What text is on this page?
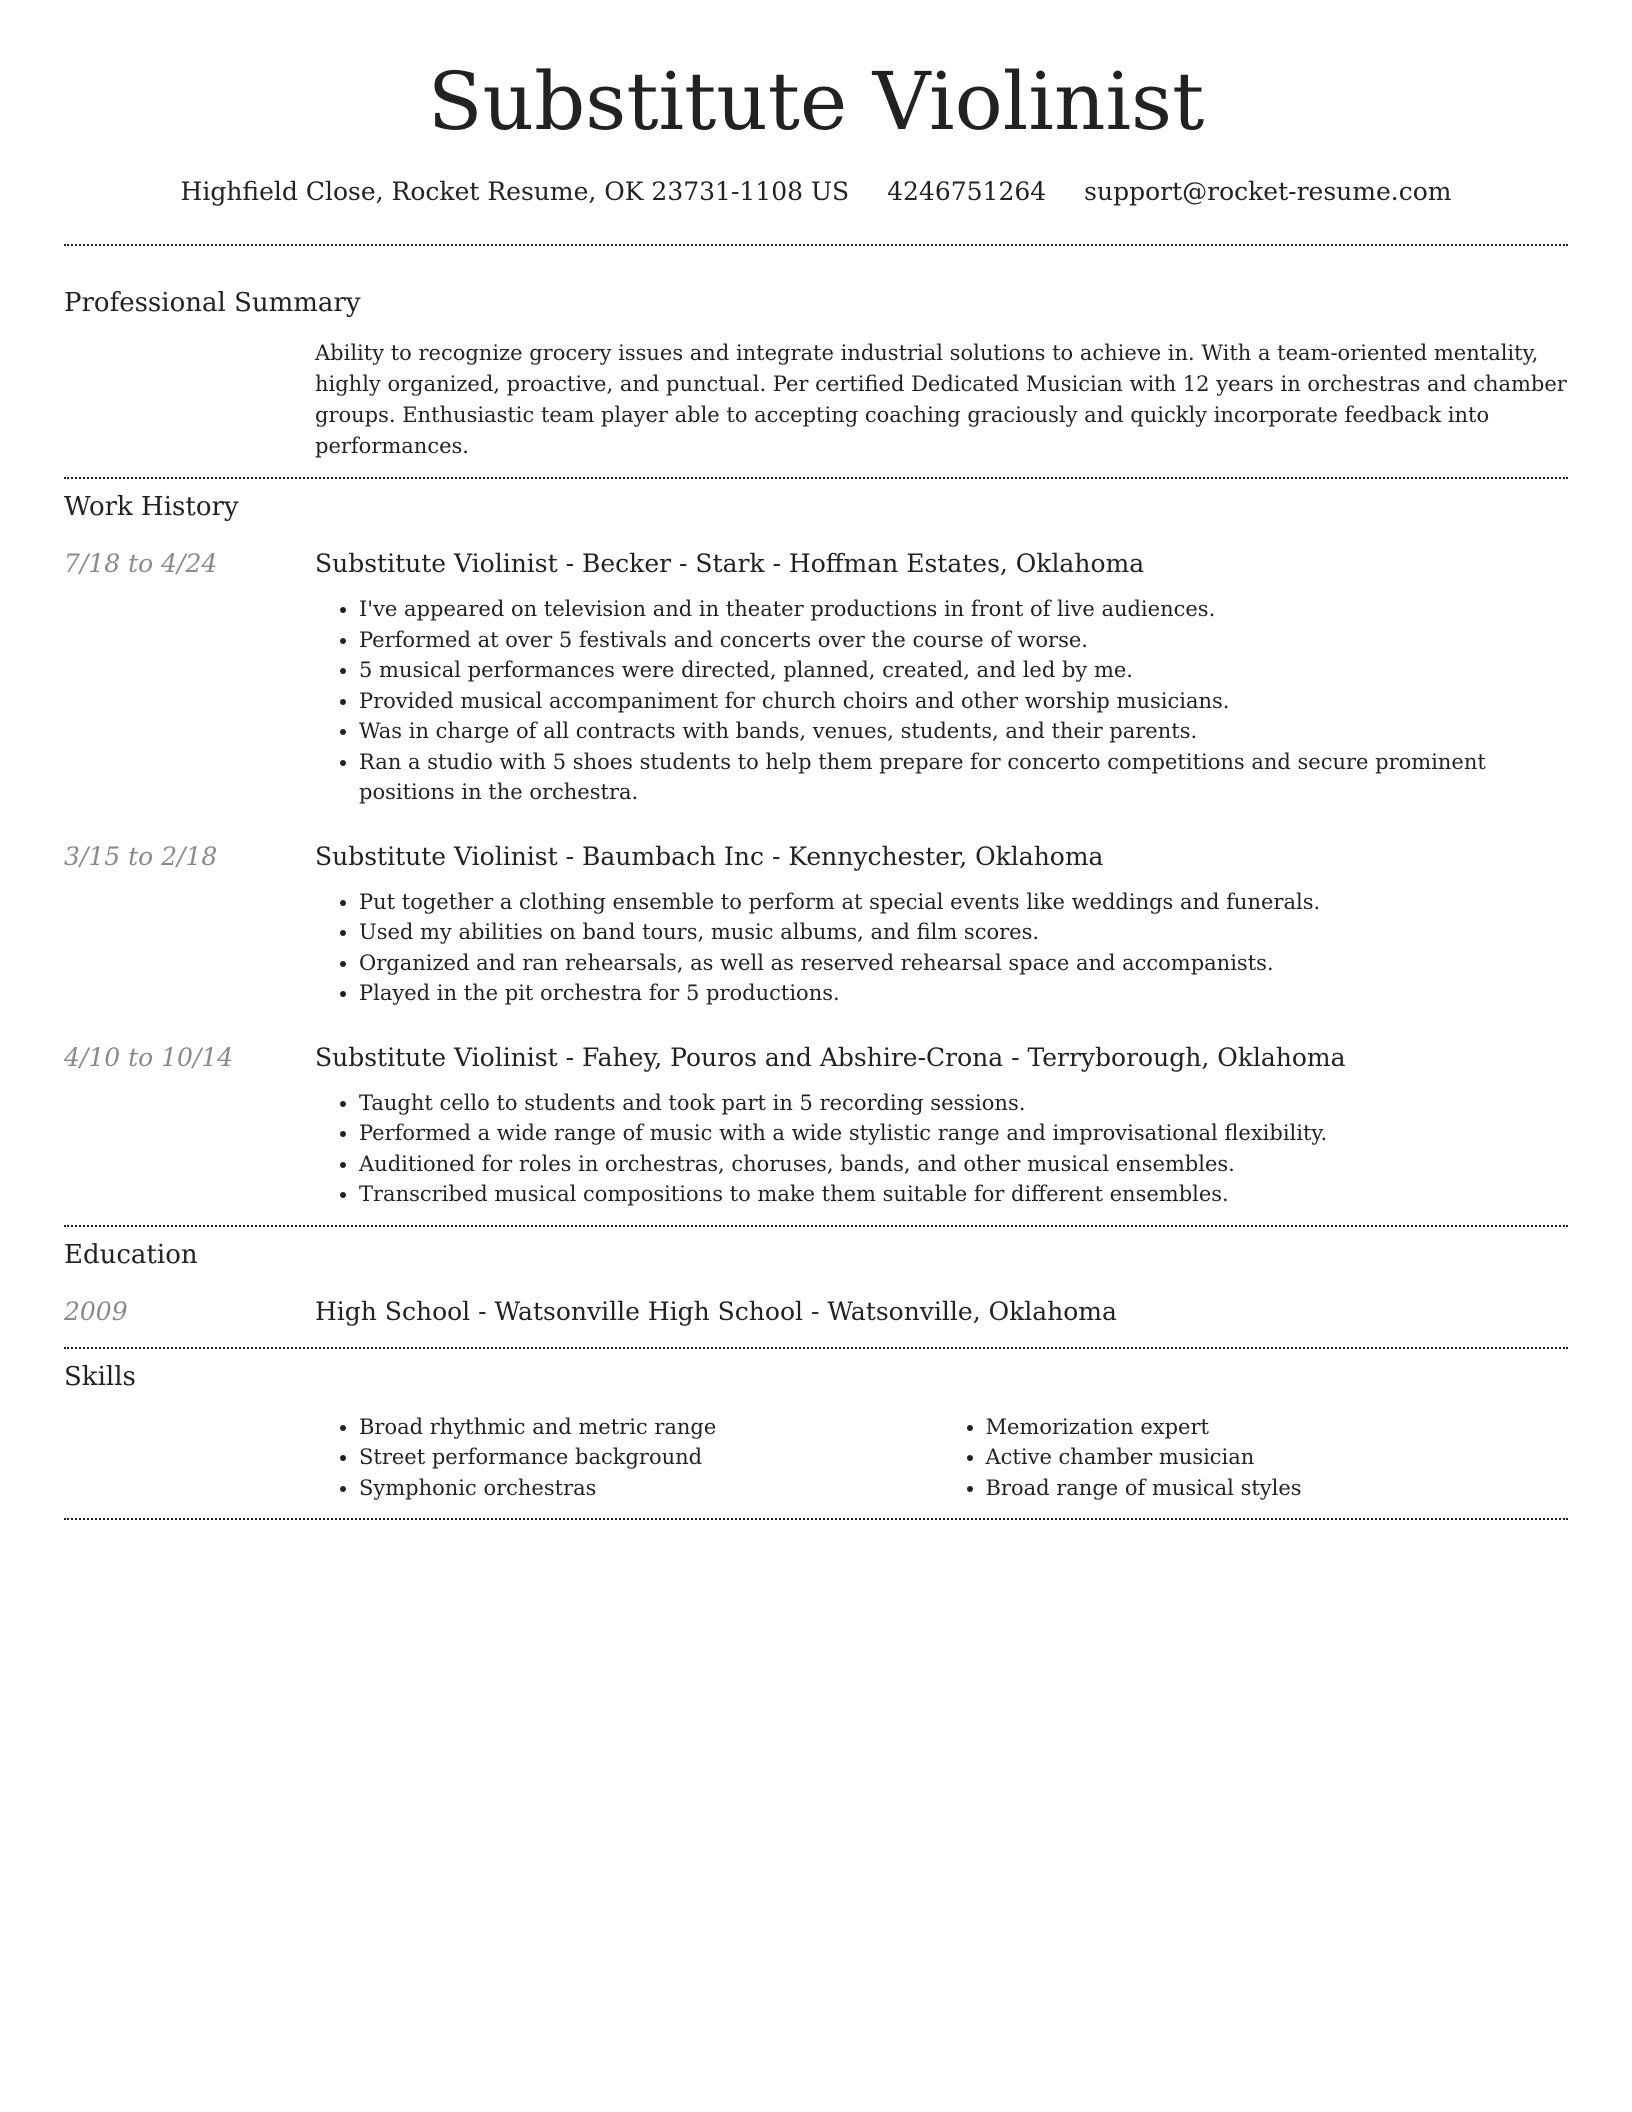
Substitute Violinist
Highfield Close, Rocket Resume, OK 23731-1108 US 4246751264 support@rocket-resume.com
Professional Summary

Ability to recognize grocery issues and integrate industrial solutions to achieve in. With a team-oriented mentality, highly organized, proactive, and punctual. Per certified Dedicated Musician with 12 years in orchestras and chamber groups. Enthusiastic team player able to accepting coaching graciously and quickly incorporate feedback into performances.

Work History
7/18 to 4/24	Substitute Violinist - Becker - Stark - Hoffman Estates, Oklahoma
• I've appeared on television and in theater productions in front of live audiences.
• Performed at over 5 festivals and concerts over the course of worse.
• 5 musical performances were directed, planned, created, and led by me.
• Provided musical accompaniment for church choirs and other worship musicians.
• Was in charge of all contracts with bands, venues, students, and their parents.
• Ran a studio with 5 shoes students to help them prepare for concerto competitions and secure prominent positions in the orchestra.
3/15 to 2/18	Substitute Violinist - Baumbach Inc - Kennychester, Oklahoma
• Put together a clothing ensemble to perform at special events like weddings and funerals.
• Used my abilities on band tours, music albums, and film scores.
• Organized and ran rehearsals, as well as reserved rehearsal space and accompanists.
• Played in the pit orchestra for 5 productions.
4/10 to 10/14	Substitute Violinist - Fahey, Pouros and Abshire-Crona - Terryborough, Oklahoma
• Taught cello to students and took part in 5 recording sessions.
• Performed a wide range of music with a wide stylistic range and improvisational flexibility.
• Auditioned for roles in orchestras, choruses, bands, and other musical ensembles.
• Transcribed musical compositions to make them suitable for different ensembles.
Education
2009	High School - Watsonville High School - Watsonville, Oklahoma
Skills
• Broad rhythmic and metric range
• Street performance background
• Symphonic orchestras
• Memorization expert
• Active chamber musician
• Broad range of musical styles
